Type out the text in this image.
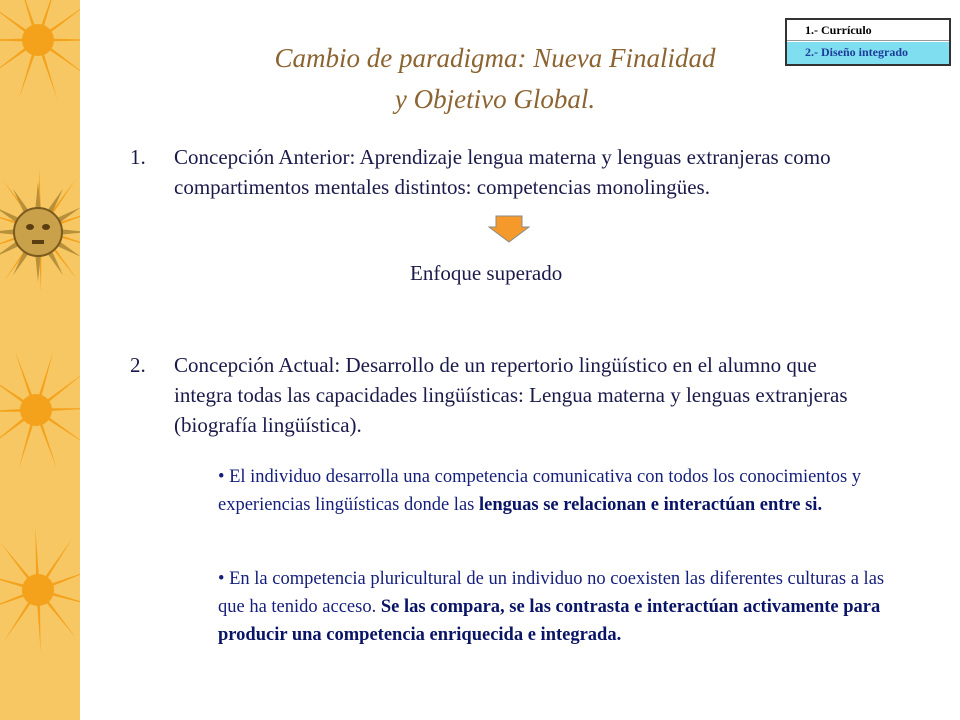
1.- Currículo
2.- Diseño integrado
Cambio de paradigma: Nueva Finalidad
y Objetivo Global.
1. Concepción Anterior: Aprendizaje lengua materna y lenguas extranjeras como compartimentos mentales distintos: competencias monolingües.
Enfoque superado
2. Concepción Actual: Desarrollo de un repertorio lingüístico en el alumno que integra todas las capacidades lingüísticas: Lengua materna y lenguas extranjeras (biografía lingüística).
• El individuo desarrolla una competencia comunicativa con todos los conocimientos y experiencias lingüísticas donde las lenguas se relacionan e interactúan entre si.
• En la competencia pluricultural de un individuo no coexisten las diferentes culturas a las que ha tenido acceso. Se las compara, se las contrasta e interactúan activamente para producir una competencia enriquecida e integrada.
